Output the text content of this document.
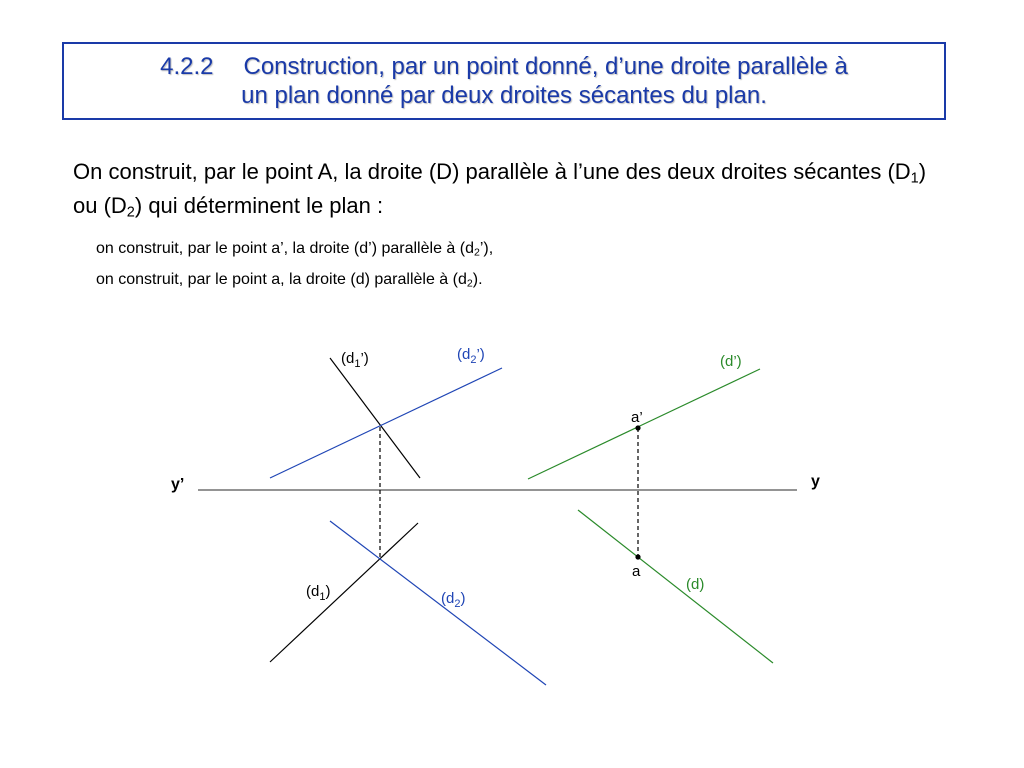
4.2.2 Construction, par un point donné, d’une droite parallèle à
un plan donné par deux droites sécantes du plan.
On construit, par le point A, la droite (D) parallèle à l’une des deux droites sécantes $(D_1)$ ou $(D_2)$ qui déterminent le plan :
on construit, par le point a’, la droite (d’) parallèle à $(d_2’)$,
on construit, par le point a, la droite (d) parallèle à $(d_2)$.
$(d_1’)$	$(d_2’)$	(d’)
a’
y’	y
a
(d)
$(d_1)$	$(d_2)$
